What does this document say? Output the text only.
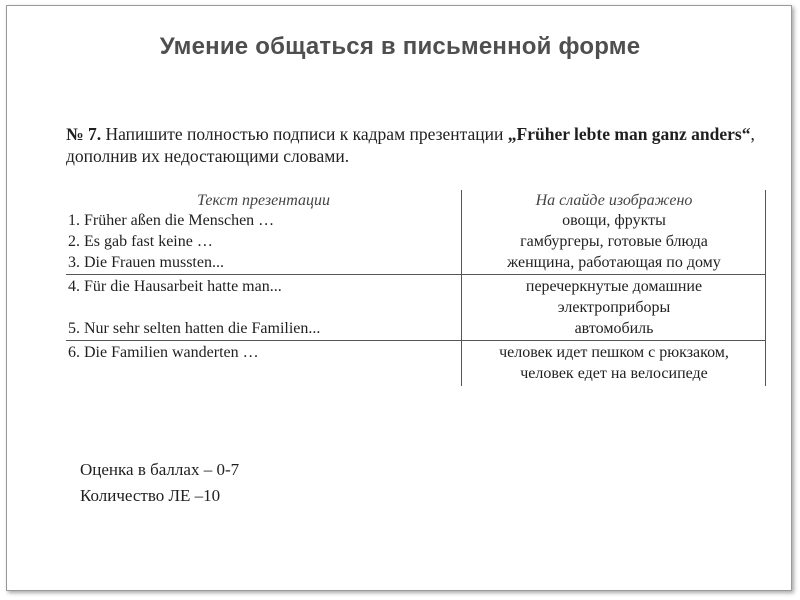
Умение общаться в письменной форме
№ 7. Напишите полностью подписи к кадрам презентации „Früher lebte man ganz anders“, дополнив их недостающими словами.
Текст презентации	На слайде изображено
1. Früher aßen die Menschen …	овощи, фрукты
2. Es gab fast keine …	гамбургеры, готовые блюда
3. Die Frauen mussten...	женщина, работающая по дому
4. Für die Hausarbeit hatte man...	перечеркнутые домашние
электроприборы
5. Nur sehr selten hatten die Familien...	автомобиль
6. Die Familien wanderten …	человек идет пешком с рюкзаком,
человек едет на велосипеде
Оценка в баллах – 0-7
Количество ЛЕ –10
